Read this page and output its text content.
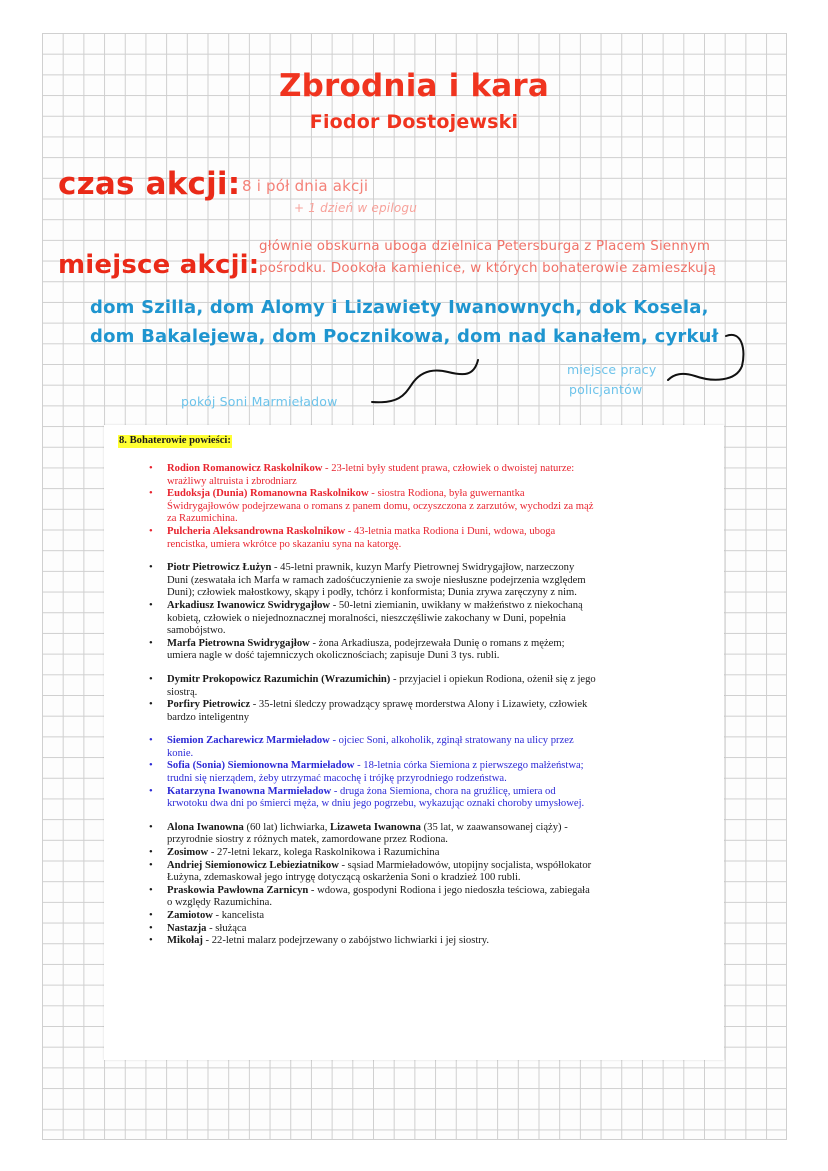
Zbrodnia i kara
Fiodor Dostojewski
czas akcji: 8 i pół dnia akcji
+ 1 dzień w epilogu
miejsce akcji:
głównie obskurna uboga dzielnica Petersburga z Placem Siennym
pośrodku. Dookoła kamienice, w których bohaterowie zamieszkują
dom Szilla, dom Alomy i Lizawiety Iwanownych, dok Kosela,
dom Bakalejewa, dom Pocznikowa, dom nad kanałem, cyrkuł
miejsce pracy
policjantów
pokój Soni Marmieładow
8. Bohaterowie powieści:
• Rodion Romanowicz Raskolnikow - 23-letni były student prawa, człowiek o dwoistej naturze:
wrażliwy altruista i zbrodniarz
• Eudoksja (Dunia) Romanowna Raskolnikow - siostra Rodiona, była guwernantka
Świdrygajłowów podejrzewana o romans z panem domu, oczyszczona z zarzutów, wychodzi za mąż
za Razumichina.
• Pulcheria Aleksandrowna Raskolnikow - 43-letnia matka Rodiona i Duni, wdowa, uboga
rencistka, umiera wkrótce po skazaniu syna na katorgę.
• Piotr Pietrowicz Łużyn - 45-letni prawnik, kuzyn Marfy Pietrownej Swidrygajłow, narzeczony
Duni (zeswatała ich Marfa w ramach zadośćuczynienie za swoje niesłuszne podejrzenia względem
Duni); człowiek małostkowy, skąpy i podły, tchórz i konformista; Dunia zrywa zaręczyny z nim.
• Arkadiusz Iwanowicz Swidrygajłow - 50-letni ziemianin, uwikłany w małżeństwo z niekochaną
kobietą, człowiek o niejednoznacznej moralności, nieszczęśliwie zakochany w Duni, popełnia
samobójstwo.
• Marfa Pietrowna Swidrygajłow - żona Arkadiusza, podejrzewała Dunię o romans z mężem;
umiera nagle w dość tajemniczych okolicznościach; zapisuje Duni 3 tys. rubli.
• Dymitr Prokopowicz Razumichin (Wrazumichin) - przyjaciel i opiekun Rodiona, ożenił się z jego
siostrą.
• Porfiry Pietrowicz - 35-letni śledczy prowadzący sprawę morderstwa Alony i Lizawiety, człowiek
bardzo inteligentny
• Siemion Zacharewicz Marmieładow - ojciec Soni, alkoholik, zginął stratowany na ulicy przez
konie.
• Sofia (Sonia) Siemionowna Marmieładow - 18-letnia córka Siemiona z pierwszego małżeństwa;
trudni się nierządem, żeby utrzymać macochę i trójkę przyrodniego rodzeństwa.
• Katarzyna Iwanowna Marmieładow - druga żona Siemiona, chora na gruźlicę, umiera od
krwotoku dwa dni po śmierci męża, w dniu jego pogrzebu, wykazując oznaki choroby umysłowej.
• Alona Iwanowna (60 lat) lichwiarka, Lizaweta Iwanowna (35 lat, w zaawansowanej ciąży) -
przyrodnie siostry z różnych matek, zamordowane przez Rodiona.
• Zosimow - 27-letni lekarz, kolega Raskolnikowa i Razumichina
• Andriej Siemionowicz Lebieziatnikow - sąsiad Marmieładowów, utopijny socjalista, współlokator
Łużyna, zdemaskował jego intrygę dotyczącą oskarżenia Soni o kradzież 100 rubli.
• Praskowia Pawłowna Zarnicyn - wdowa, gospodyni Rodiona i jego niedoszła teściowa, zabiegała
o względy Razumichina.
• Zamiotow - kancelista
• Nastazja - służąca
• Mikołaj - 22-letni malarz podejrzewany o zabójstwo lichwiarki i jej siostry.
